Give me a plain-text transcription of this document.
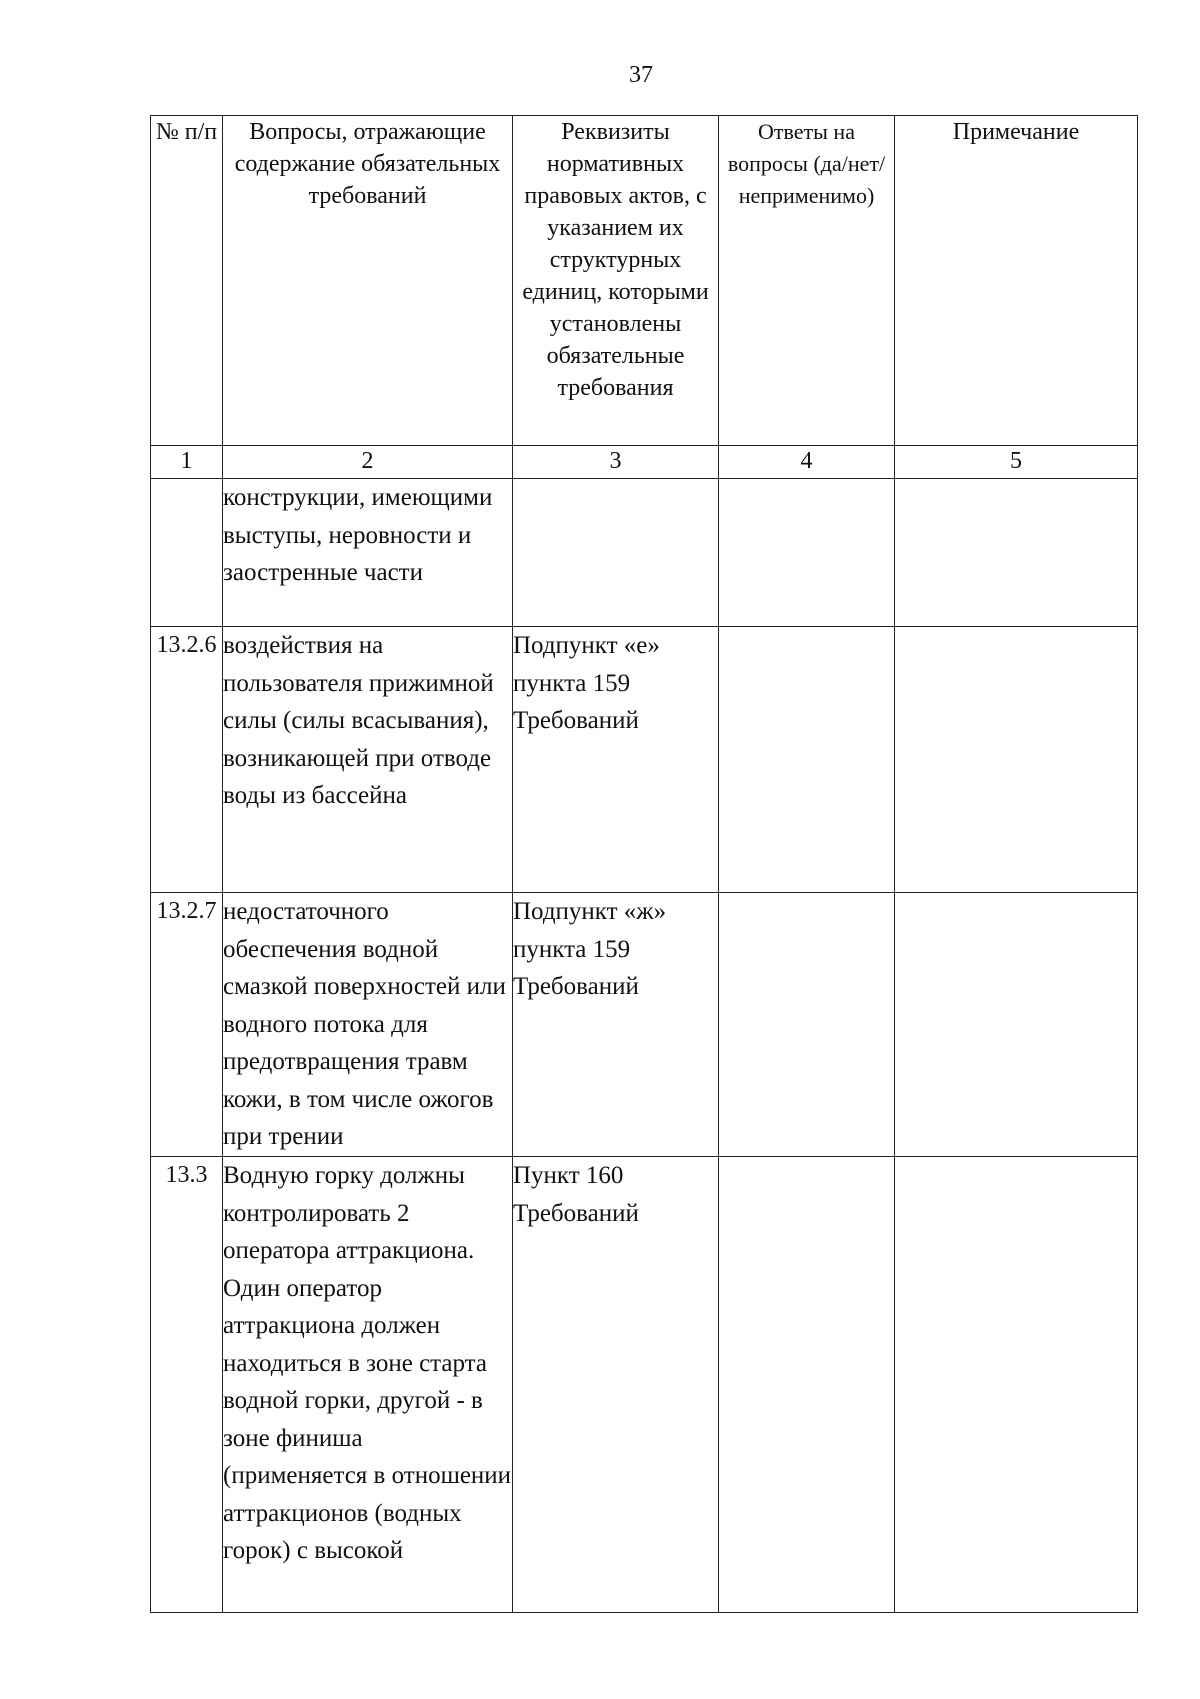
37
№ п/п	Вопросы, отражающие содержание обязательных требований	Реквизиты нормативных правовых актов, с указанием их структурных единиц, которыми установлены обязательные требования	Ответы на вопросы (да/нет/ неприменимо)	Примечание
1	2	3	4	5
	конструкции, имеющими выступы, неровности и заостренные части			
13.2.6	воздействия на пользователя прижимной силы (силы всасывания), возникающей при отводе воды из бассейна	Подпункт «е» пункта 159 Требований		
13.2.7	недостаточного обеспечения водной смазкой поверхностей или водного потока для предотвращения травм кожи, в том числе ожогов при трении	Подпункт «ж» пункта 159 Требований		
13.3	Водную горку должны контролировать 2 оператора аттракциона. Один оператор аттракциона должен находиться в зоне старта водной горки, другой - в зоне финиша (применяется в отношении аттракционов (водных горок) с высокой	Пункт 160 Требований		
